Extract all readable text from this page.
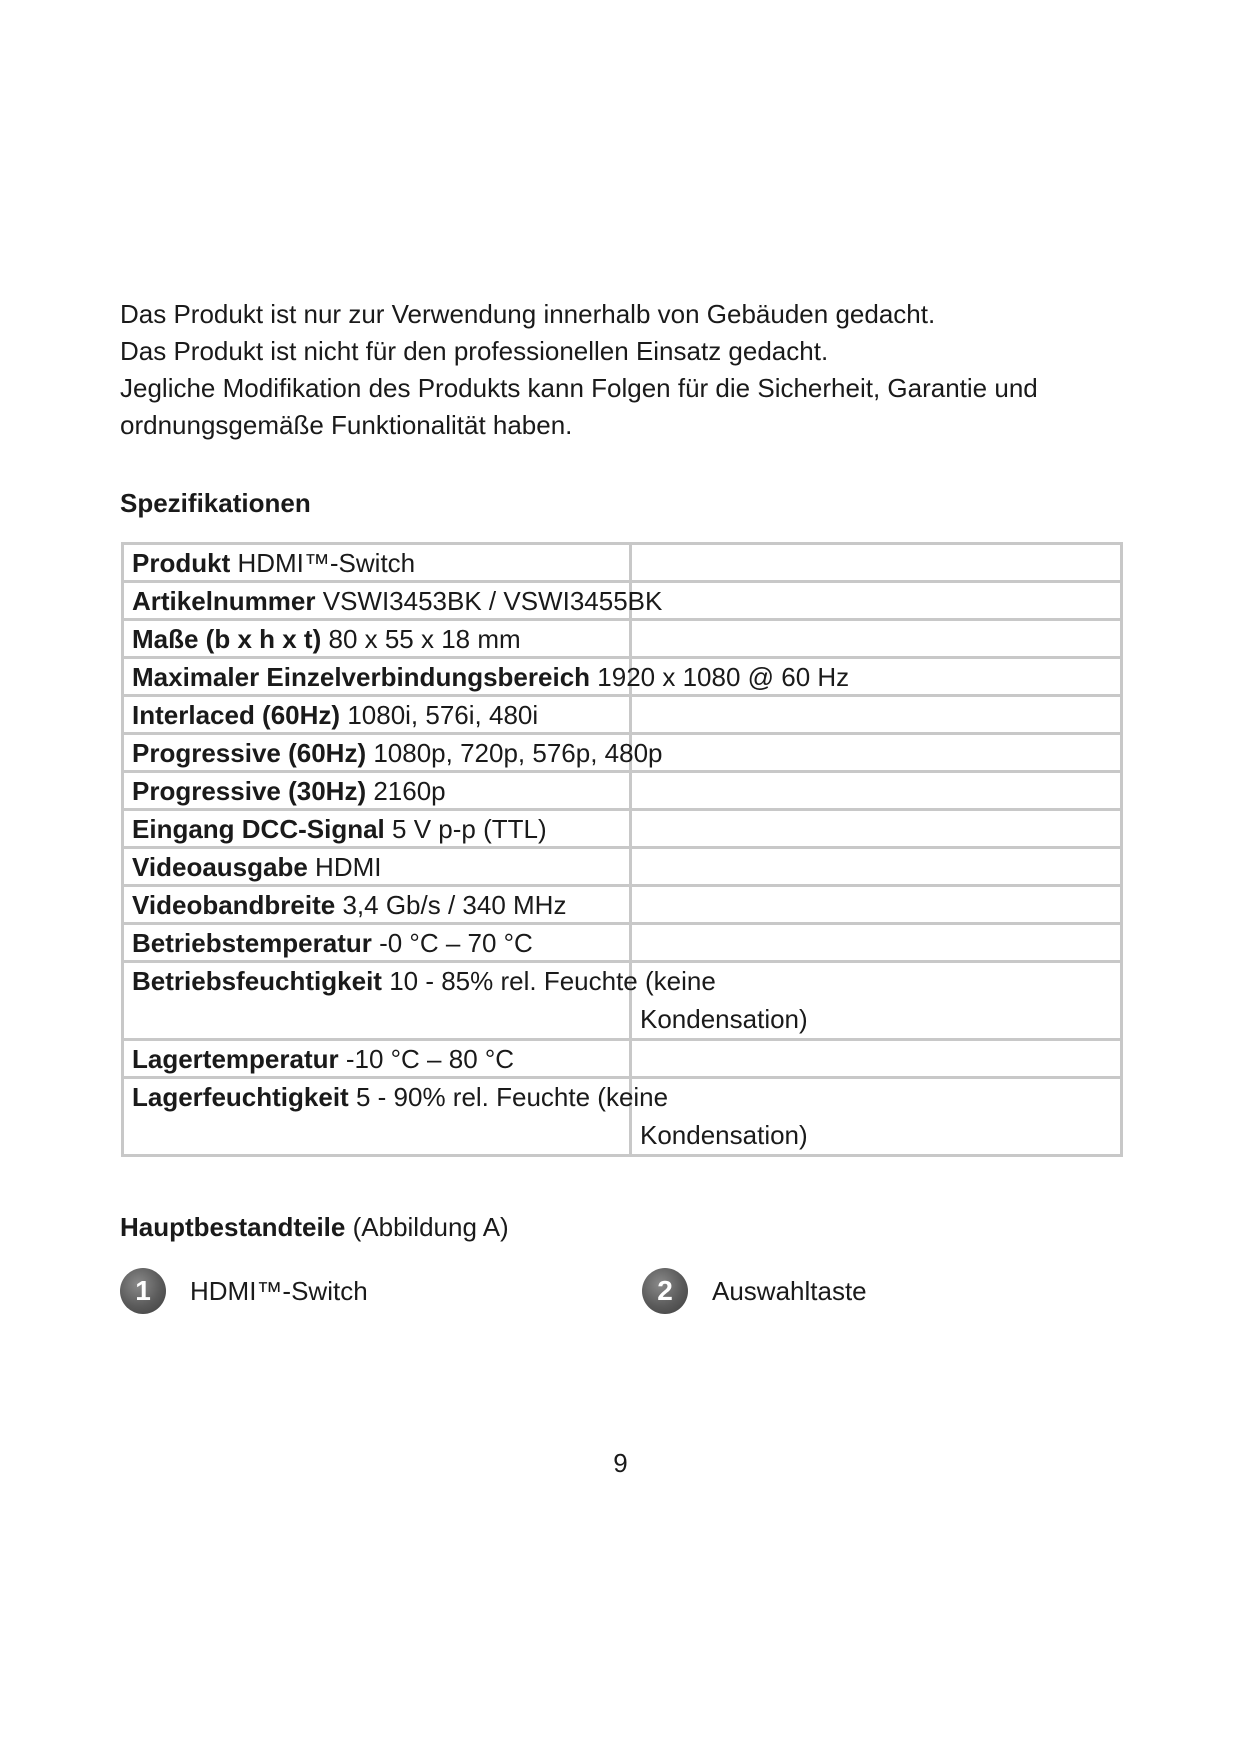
Das Produkt ist nur zur Verwendung innerhalb von Gebäuden gedacht.

Das Produkt ist nicht für den professionellen Einsatz gedacht.

Jegliche Modifikation des Produkts kann Folgen für die Sicherheit, Garantie und

ordnungsgemäße Funktionalität haben.

Spezifikationen
Produkt HDMI™-Switch	

Artikelnummer VSWI3453BK / VSWI3455BK	

Maße (b x h x t) 80 x 55 x 18 mm	

Maximaler Einzelverbindungsbereich 1920 x 1080 @ 60 Hz	

Interlaced (60Hz) 1080i, 576i, 480i	

Progressive (60Hz) 1080p, 720p, 576p, 480p	

Progressive (30Hz) 2160p	

Eingang DCC-Signal 5 V p-p (TTL)	

Videoausgabe HDMI	

Videobandbreite 3,4 Gb/s / 340 MHz	

Betriebstemperatur -0 °C – 70 °C	

Betriebsfeuchtigkeit 10 - 85% rel. Feuchte (keine	Kondensation)

Lagertemperatur -10 °C – 80 °C	

Lagerfeuchtigkeit 5 - 90% rel. Feuchte (keine	Kondensation)
Hauptbestandteile (Abbildung A)
1	HDMI™-Switch	2	Auswahltaste
9
